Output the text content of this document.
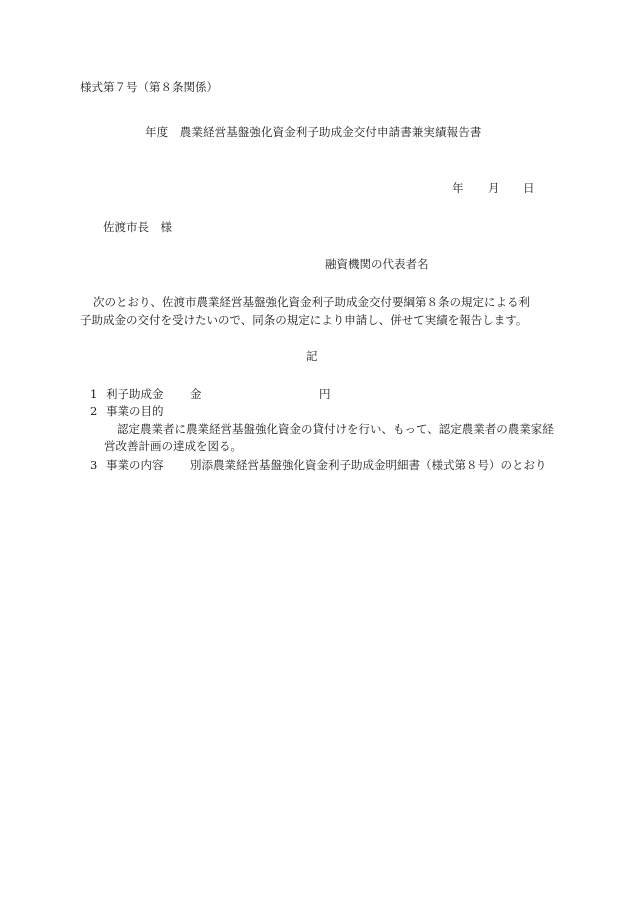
様式第７号（第８条関係）
年度　農業経営基盤強化資金利子助成金交付申請書兼実績報告書
年 月 日
佐渡市長　様
融資機関の代表者名
次のとおり、佐渡市農業経営基盤強化資金利子助成金交付要綱第８条の規定による利
子助成金の交付を受けたいので、同条の規定により申請し、併せて実績を報告します。
記
1 利子助成金 金	円
2 事業の目的
認定農業者に農業経営基盤強化資金の貸付けを行い、もって、認定農業者の農業家経
営改善計画の達成を図る。
3 事業の内容 別添農業経営基盤強化資金利子助成金明細書（様式第８号）のとおり
